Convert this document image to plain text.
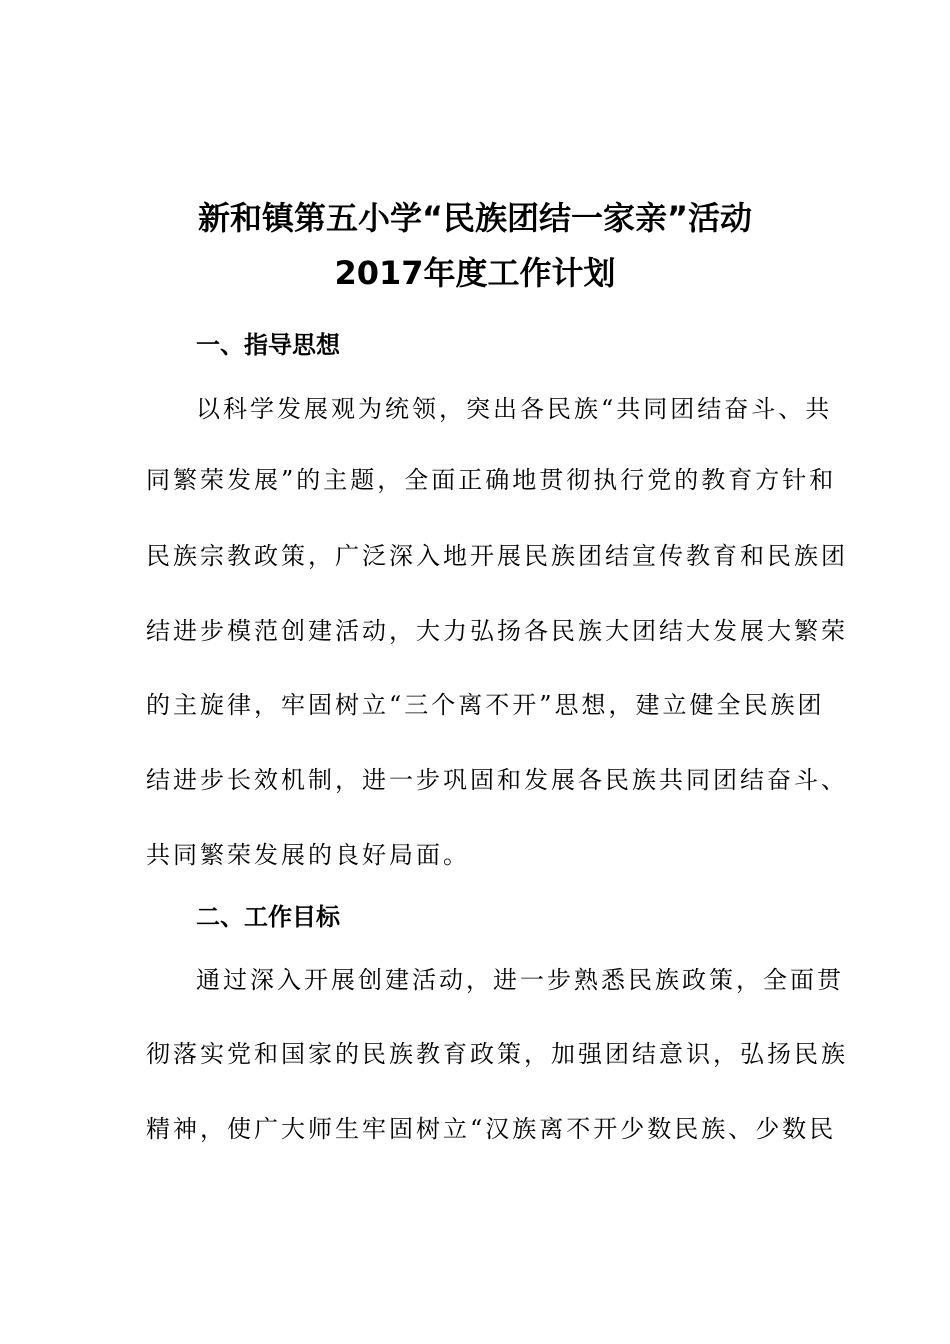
新和镇第五小学“民族团结一家亲”活动
2017年度工作计划
一、指导思想
以科学发展观为统领，突出各民族“共同团结奋斗、共
同繁荣发展”的主题，全面正确地贯彻执行党的教育方针和
民族宗教政策，广泛深入地开展民族团结宣传教育和民族团
结进步模范创建活动，大力弘扬各民族大团结大发展大繁荣
的主旋律，牢固树立“三个离不开”思想，建立健全民族团
结进步长效机制，进一步巩固和发展各民族共同团结奋斗、
共同繁荣发展的良好局面。
二、工作目标
通过深入开展创建活动，进一步熟悉民族政策，全面贯
彻落实党和国家的民族教育政策，加强团结意识，弘扬民族
精神，使广大师生牢固树立“汉族离不开少数民族、少数民
